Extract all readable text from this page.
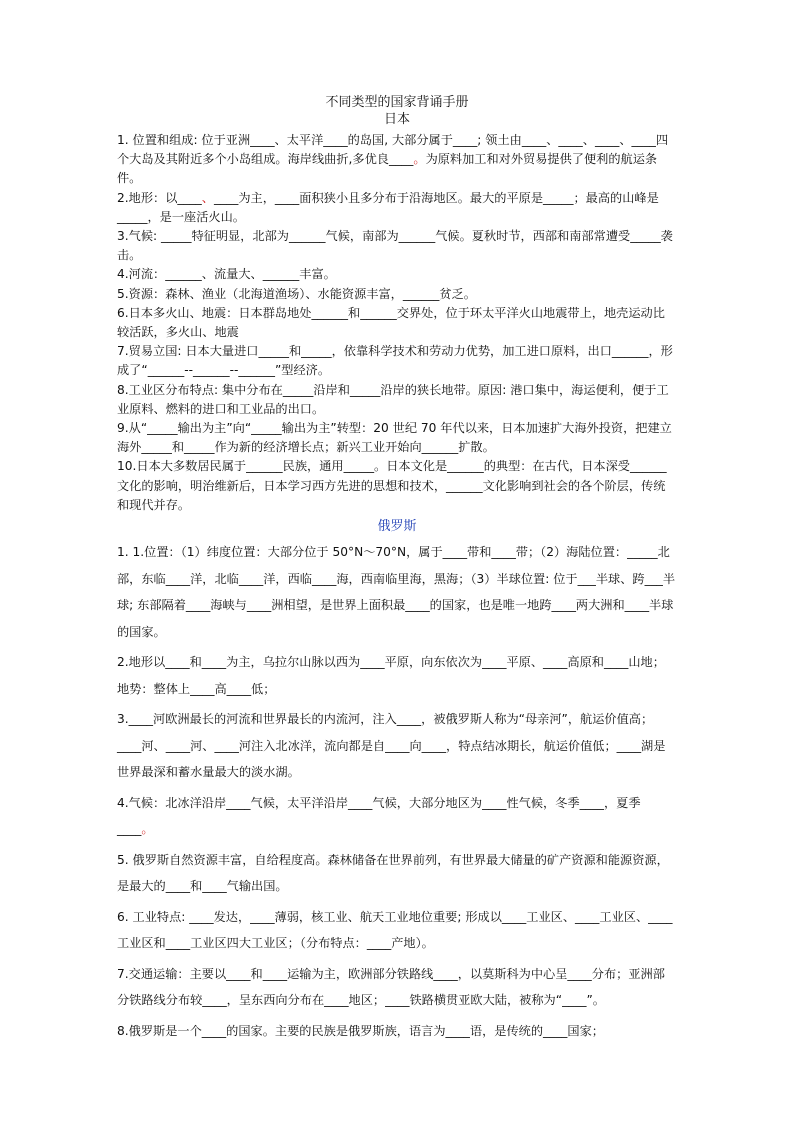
不同类型的国家背诵手册

日本

1. 位置和组成: 位于亚洲____、太平洋____的岛国, 大部分属于____; 领土由____、____、____、____四个大岛及其附近多个小岛组成。海岸线曲折,多优良____。为原料加工和对外贸易提供了便利的航运条件。

2.地形：以____、____为主，____面积狭小且多分布于沿海地区。最大的平原是_____；最高的山峰是_____，是一座活火山。

3.气候: _____特征明显，北部为______气候，南部为______气候。夏秋时节，西部和南部常遭受_____袭击。

4.河流：______、流量大、______丰富。

5.资源：森林、渔业（北海道渔场）、水能资源丰富，______贫乏。

6.日本多火山、地震：日本群岛地处______和______交界处，位于环太平洋火山地震带上，地壳运动比较活跃，多火山、地震

7.贸易立国: 日本大量进口_____和_____，依靠科学技术和劳动力优势，加工进口原料，出口______，形成了“______--______--______”型经济。

8.工业区分布特点: 集中分布在_____沿岸和_____沿岸的狭长地带。原因: 港口集中，海运便利，便于工业原料、燃料的进口和工业品的出口。

9.从“_____输出为主”向“_____输出为主”转型：20 世纪 70 年代以来，日本加速扩大海外投资，把建立海外_____和_____作为新的经济增长点；新兴工业开始向______扩散。

10.日本大多数居民属于______民族，通用_____。日本文化是______的典型：在古代，日本深受______文化的影响，明治维新后，日本学习西方先进的思想和技术，______文化影响到社会的各个阶层，传统和现代并存。

俄罗斯

1. 1.位置：（1）纬度位置：大部分位于 50°N～70°N，属于____带和____带；（2）海陆位置：_____北部，东临____洋，北临____洋，西临____海，西南临里海，黑海；（3）半球位置: 位于___半球、跨___半球; 东部隔着____海峡与____洲相望，是世界上面积最____的国家，也是唯一地跨____两大洲和____半球的国家。

2.地形以____和____为主，乌拉尔山脉以西为____平原，向东依次为____平原、____高原和____山地；地势：整体上____高____低；

3.____河欧洲最长的河流和世界最长的内流河，注入____，被俄罗斯人称为“母亲河”，航运价值高；____河、____河、____河注入北冰洋，流向都是自____向____，特点结冰期长，航运价值低；____湖是世界最深和蓄水量最大的淡水湖。

4.气候：北冰洋沿岸____气候，太平洋沿岸____气候，大部分地区为____性气候，冬季____，夏季____。

5. 俄罗斯自然资源丰富，自给程度高。森林储备在世界前列，有世界最大储量的矿产资源和能源资源，是最大的____和____气输出国。

6. 工业特点: ____发达，____薄弱，核工业、航天工业地位重要; 形成以____工业区、____工业区、____工业区和____工业区四大工业区；（分布特点：____产地）。

7.交通运输：主要以____和____运输为主，欧洲部分铁路线____，以莫斯科为中心呈____分布；亚洲部分铁路线分布较____，呈东西向分布在____地区；____铁路横贯亚欧大陆，被称为“____”。

8.俄罗斯是一个____的国家。主要的民族是俄罗斯族，语言为____语，是传统的____国家；
